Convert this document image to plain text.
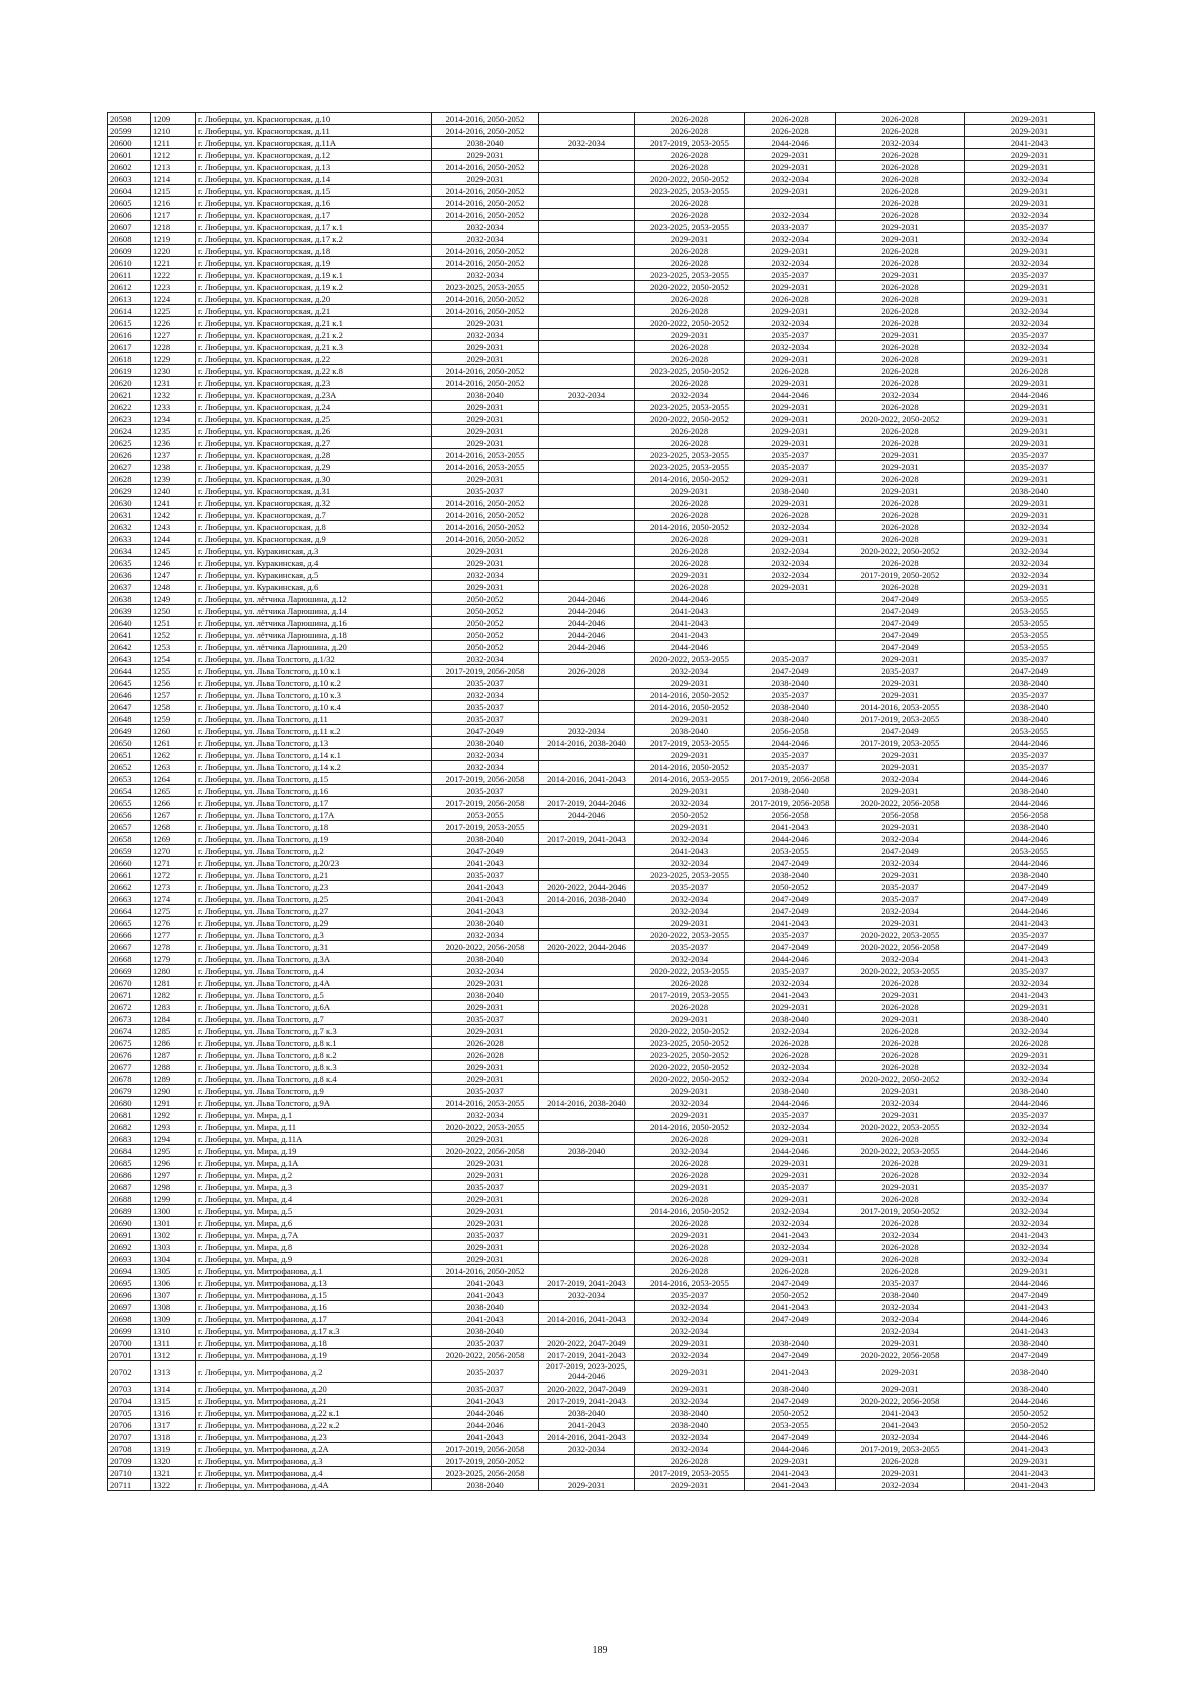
20598	1209	г. Люберцы, ул. Красногорская, д.10	2014-2016, 2050-2052		2026-2028	2026-2028	2026-2028	2029-2031
20599	1210	г. Люберцы, ул. Красногорская, д.11	2014-2016, 2050-2052		2026-2028	2026-2028	2026-2028	2029-2031
20600	1211	г. Люберцы, ул. Красногорская, д.11А	2038-2040	2032-2034	2017-2019, 2053-2055	2044-2046	2032-2034	2041-2043
20601	1212	г. Люберцы, ул. Красногорская, д.12	2029-2031		2026-2028	2029-2031	2026-2028	2029-2031
20602	1213	г. Люберцы, ул. Красногорская, д.13	2014-2016, 2050-2052		2026-2028	2029-2031	2026-2028	2029-2031
20603	1214	г. Люберцы, ул. Красногорская, д.14	2029-2031		2020-2022, 2050-2052	2032-2034	2026-2028	2032-2034
20604	1215	г. Люберцы, ул. Красногорская, д.15	2014-2016, 2050-2052		2023-2025, 2053-2055	2029-2031	2026-2028	2029-2031
20605	1216	г. Люберцы, ул. Красногорская, д.16	2014-2016, 2050-2052		2026-2028		2026-2028	2029-2031
20606	1217	г. Люберцы, ул. Красногорская, д.17	2014-2016, 2050-2052		2026-2028	2032-2034	2026-2028	2032-2034
20607	1218	г. Люберцы, ул. Красногорская, д.17 к.1	2032-2034		2023-2025, 2053-2055	2033-2037	2029-2031	2035-2037
20608	1219	г. Люберцы, ул. Красногорская, д.17 к.2	2032-2034		2029-2031	2032-2034	2029-2031	2032-2034
20609	1220	г. Люберцы, ул. Красногорская, д.18	2014-2016, 2050-2052		2026-2028	2029-2031	2026-2028	2029-2031
20610	1221	г. Люберцы, ул. Красногорская, д.19	2014-2016, 2050-2052		2026-2028	2032-2034	2026-2028	2032-2034
20611	1222	г. Люберцы, ул. Красногорская, д.19 к.1	2032-2034		2023-2025, 2053-2055	2035-2037	2029-2031	2035-2037
20612	1223	г. Люберцы, ул. Красногорская, д.19 к.2	2023-2025, 2053-2055		2020-2022, 2050-2052	2029-2031	2026-2028	2029-2031
20613	1224	г. Люберцы, ул. Красногорская, д.20	2014-2016, 2050-2052		2026-2028	2026-2028	2026-2028	2029-2031
20614	1225	г. Люберцы, ул. Красногорская, д.21	2014-2016, 2050-2052		2026-2028	2029-2031	2026-2028	2032-2034
20615	1226	г. Люберцы, ул. Красногорская, д.21 к.1	2029-2031		2020-2022, 2050-2052	2032-2034	2026-2028	2032-2034
20616	1227	г. Люберцы, ул. Красногорская, д.21 к.2	2032-2034		2029-2031	2035-2037	2029-2031	2035-2037
20617	1228	г. Люберцы, ул. Красногорская, д.21 к.3	2029-2031		2026-2028	2032-2034	2026-2028	2032-2034
20618	1229	г. Люберцы, ул. Красногорская, д.22	2029-2031		2026-2028	2029-2031	2026-2028	2029-2031
20619	1230	г. Люберцы, ул. Красногорская, д.22 к.8	2014-2016, 2050-2052		2023-2025, 2050-2052	2026-2028	2026-2028	2026-2028
20620	1231	г. Люберцы, ул. Красногорская, д.23	2014-2016, 2050-2052		2026-2028	2029-2031	2026-2028	2029-2031
20621	1232	г. Люберцы, ул. Красногорская, д.23А	2038-2040	2032-2034	2032-2034	2044-2046	2032-2034	2044-2046
20622	1233	г. Люберцы, ул. Красногорская, д.24	2029-2031		2023-2025, 2053-2055	2029-2031	2026-2028	2029-2031
20623	1234	г. Люберцы, ул. Красногорская, д.25	2029-2031		2020-2022, 2050-2052	2029-2031	2020-2022, 2050-2052	2029-2031
20624	1235	г. Люберцы, ул. Красногорская, д.26	2029-2031		2026-2028	2029-2031	2026-2028	2029-2031
20625	1236	г. Люберцы, ул. Красногорская, д.27	2029-2031		2026-2028	2029-2031	2026-2028	2029-2031
20626	1237	г. Люберцы, ул. Красногорская, д.28	2014-2016, 2053-2055		2023-2025, 2053-2055	2035-2037	2029-2031	2035-2037
20627	1238	г. Люберцы, ул. Красногорская, д.29	2014-2016, 2053-2055		2023-2025, 2053-2055	2035-2037	2029-2031	2035-2037
20628	1239	г. Люберцы, ул. Красногорская, д.30	2029-2031		2014-2016, 2050-2052	2029-2031	2026-2028	2029-2031
20629	1240	г. Люберцы, ул. Красногорская, д.31	2035-2037		2029-2031	2038-2040	2029-2031	2038-2040
20630	1241	г. Люберцы, ул. Красногорская, д.32	2014-2016, 2050-2052		2026-2028	2029-2031	2026-2028	2029-2031
20631	1242	г. Люберцы, ул. Красногорская, д.7	2014-2016, 2050-2052		2026-2028	2026-2028	2026-2028	2029-2031
20632	1243	г. Люберцы, ул. Красногорская, д.8	2014-2016, 2050-2052		2014-2016, 2050-2052	2032-2034	2026-2028	2032-2034
20633	1244	г. Люберцы, ул. Красногорская, д.9	2014-2016, 2050-2052		2026-2028	2029-2031	2026-2028	2029-2031
20634	1245	г. Люберцы, ул. Куракинская, д.3	2029-2031		2026-2028	2032-2034	2020-2022, 2050-2052	2032-2034
20635	1246	г. Люберцы, ул. Куракинская, д.4	2029-2031		2026-2028	2032-2034	2026-2028	2032-2034
20636	1247	г. Люберцы, ул. Куракинская, д.5	2032-2034		2029-2031	2032-2034	2017-2019, 2050-2052	2032-2034
20637	1248	г. Люберцы, ул. Куракинская, д.6	2029-2031		2026-2028	2029-2031	2026-2028	2029-2031
20638	1249	г. Люберцы, ул. лётчика Ларюшина, д.12	2050-2052	2044-2046	2044-2046		2047-2049	2053-2055
20639	1250	г. Люберцы, ул. лётчика Ларюшина, д.14	2050-2052	2044-2046	2041-2043		2047-2049	2053-2055
20640	1251	г. Люберцы, ул. лётчика Ларюшина, д.16	2050-2052	2044-2046	2041-2043		2047-2049	2053-2055
20641	1252	г. Люберцы, ул. лётчика Ларюшина, д.18	2050-2052	2044-2046	2041-2043		2047-2049	2053-2055
20642	1253	г. Люберцы, ул. лётчика Ларюшина, д.20	2050-2052	2044-2046	2044-2046		2047-2049	2053-2055
20643	1254	г. Люберцы, ул. Льва Толстого, д.1/32	2032-2034		2020-2022, 2053-2055	2035-2037	2029-2031	2035-2037
20644	1255	г. Люберцы, ул. Льва Толстого, д.10 к.1	2017-2019, 2056-2058	2026-2028	2032-2034	2047-2049	2035-2037	2047-2049
20645	1256	г. Люберцы, ул. Льва Толстого, д.10 к.2	2035-2037		2029-2031	2038-2040	2029-2031	2038-2040
20646	1257	г. Люберцы, ул. Льва Толстого, д.10 к.3	2032-2034		2014-2016, 2050-2052	2035-2037	2029-2031	2035-2037
20647	1258	г. Люберцы, ул. Льва Толстого, д.10 к.4	2035-2037		2014-2016, 2050-2052	2038-2040	2014-2016, 2053-2055	2038-2040
20648	1259	г. Люберцы, ул. Льва Толстого, д.11	2035-2037		2029-2031	2038-2040	2017-2019, 2053-2055	2038-2040
20649	1260	г. Люберцы, ул. Льва Толстого, д.11 к.2	2047-2049	2032-2034	2038-2040	2056-2058	2047-2049	2053-2055
20650	1261	г. Люберцы, ул. Льва Толстого, д.13	2038-2040	2014-2016, 2038-2040	2017-2019, 2053-2055	2044-2046	2017-2019, 2053-2055	2044-2046
20651	1262	г. Люберцы, ул. Льва Толстого, д.14 к.1	2032-2034		2029-2031	2035-2037	2029-2031	2035-2037
20652	1263	г. Люберцы, ул. Льва Толстого, д.14 к.2	2032-2034		2014-2016, 2050-2052	2035-2037	2029-2031	2035-2037
20653	1264	г. Люберцы, ул. Льва Толстого, д.15	2017-2019, 2056-2058	2014-2016, 2041-2043	2014-2016, 2053-2055	2017-2019, 2056-2058	2032-2034	2044-2046
20654	1265	г. Люберцы, ул. Льва Толстого, д.16	2035-2037		2029-2031	2038-2040	2029-2031	2038-2040
20655	1266	г. Люберцы, ул. Льва Толстого, д.17	2017-2019, 2056-2058	2017-2019, 2044-2046	2032-2034	2017-2019, 2056-2058	2020-2022, 2056-2058	2044-2046
20656	1267	г. Люберцы, ул. Льва Толстого, д.17А	2053-2055	2044-2046	2050-2052	2056-2058	2056-2058	2056-2058
20657	1268	г. Люберцы, ул. Льва Толстого, д.18	2017-2019, 2053-2055		2029-2031	2041-2043	2029-2031	2038-2040
20658	1269	г. Люберцы, ул. Льва Толстого, д.19	2038-2040	2017-2019, 2041-2043	2032-2034	2044-2046	2032-2034	2044-2046
20659	1270	г. Люберцы, ул. Льва Толстого, д.2	2047-2049		2041-2043	2053-2055	2047-2049	2053-2055
20660	1271	г. Люберцы, ул. Льва Толстого, д.20/23	2041-2043		2032-2034	2047-2049	2032-2034	2044-2046
20661	1272	г. Люберцы, ул. Льва Толстого, д.21	2035-2037		2023-2025, 2053-2055	2038-2040	2029-2031	2038-2040
20662	1273	г. Люберцы, ул. Льва Толстого, д.23	2041-2043	2020-2022, 2044-2046	2035-2037	2050-2052	2035-2037	2047-2049
20663	1274	г. Люберцы, ул. Льва Толстого, д.25	2041-2043	2014-2016, 2038-2040	2032-2034	2047-2049	2035-2037	2047-2049
20664	1275	г. Люберцы, ул. Льва Толстого, д.27	2041-2043		2032-2034	2047-2049	2032-2034	2044-2046
20665	1276	г. Люберцы, ул. Льва Толстого, д.29	2038-2040		2029-2031	2041-2043	2029-2031	2041-2043
20666	1277	г. Люберцы, ул. Льва Толстого, д.3	2032-2034		2020-2022, 2053-2055	2035-2037	2020-2022, 2053-2055	2035-2037
20667	1278	г. Люберцы, ул. Льва Толстого, д.31	2020-2022, 2056-2058	2020-2022, 2044-2046	2035-2037	2047-2049	2020-2022, 2056-2058	2047-2049
20668	1279	г. Люберцы, ул. Льва Толстого, д.3А	2038-2040		2032-2034	2044-2046	2032-2034	2041-2043
20669	1280	г. Люберцы, ул. Льва Толстого, д.4	2032-2034		2020-2022, 2053-2055	2035-2037	2020-2022, 2053-2055	2035-2037
20670	1281	г. Люберцы, ул. Льва Толстого, д.4А	2029-2031		2026-2028	2032-2034	2026-2028	2032-2034
20671	1282	г. Люберцы, ул. Льва Толстого, д.5	2038-2040		2017-2019, 2053-2055	2041-2043	2029-2031	2041-2043
20672	1283	г. Люберцы, ул. Льва Толстого, д.6А	2029-2031		2026-2028	2029-2031	2026-2028	2029-2031
20673	1284	г. Люберцы, ул. Льва Толстого, д.7	2035-2037		2029-2031	2038-2040	2029-2031	2038-2040
20674	1285	г. Люберцы, ул. Льва Толстого, д.7 к.3	2029-2031		2020-2022, 2050-2052	2032-2034	2026-2028	2032-2034
20675	1286	г. Люберцы, ул. Льва Толстого, д.8 к.1	2026-2028		2023-2025, 2050-2052	2026-2028	2026-2028	2026-2028
20676	1287	г. Люберцы, ул. Льва Толстого, д.8 к.2	2026-2028		2023-2025, 2050-2052	2026-2028	2026-2028	2029-2031
20677	1288	г. Люберцы, ул. Льва Толстого, д.8 к.3	2029-2031		2020-2022, 2050-2052	2032-2034	2026-2028	2032-2034
20678	1289	г. Люберцы, ул. Льва Толстого, д.8 к.4	2029-2031		2020-2022, 2050-2052	2032-2034	2020-2022, 2050-2052	2032-2034
20679	1290	г. Люберцы, ул. Льва Толстого, д.9	2035-2037		2029-2031	2038-2040	2029-2031	2038-2040
20680	1291	г. Люберцы, ул. Льва Толстого, д.9А	2014-2016, 2053-2055	2014-2016, 2038-2040	2032-2034	2044-2046	2032-2034	2044-2046
20681	1292	г. Люберцы, ул. Мира, д.1	2032-2034		2029-2031	2035-2037	2029-2031	2035-2037
20682	1293	г. Люберцы, ул. Мира, д.11	2020-2022, 2053-2055		2014-2016, 2050-2052	2032-2034	2020-2022, 2053-2055	2032-2034
20683	1294	г. Люберцы, ул. Мира, д.11А	2029-2031		2026-2028	2029-2031	2026-2028	2032-2034
20684	1295	г. Люберцы, ул. Мира, д.19	2020-2022, 2056-2058	2038-2040	2032-2034	2044-2046	2020-2022, 2053-2055	2044-2046
20685	1296	г. Люберцы, ул. Мира, д.1А	2029-2031		2026-2028	2029-2031	2026-2028	2029-2031
20686	1297	г. Люберцы, ул. Мира, д.2	2029-2031		2026-2028	2029-2031	2026-2028	2032-2034
20687	1298	г. Люберцы, ул. Мира, д.3	2035-2037		2029-2031	2035-2037	2029-2031	2035-2037
20688	1299	г. Люберцы, ул. Мира, д.4	2029-2031		2026-2028	2029-2031	2026-2028	2032-2034
20689	1300	г. Люберцы, ул. Мира, д.5	2029-2031		2014-2016, 2050-2052	2032-2034	2017-2019, 2050-2052	2032-2034
20690	1301	г. Люберцы, ул. Мира, д.6	2029-2031		2026-2028	2032-2034	2026-2028	2032-2034
20691	1302	г. Люберцы, ул. Мира, д.7А	2035-2037		2029-2031	2041-2043	2032-2034	2041-2043
20692	1303	г. Люберцы, ул. Мира, д.8	2029-2031		2026-2028	2032-2034	2026-2028	2032-2034
20693	1304	г. Люберцы, ул. Мира, д.9	2029-2031		2026-2028	2029-2031	2026-2028	2032-2034
20694	1305	г. Люберцы, ул. Митрофанова, д.1	2014-2016, 2050-2052		2026-2028	2026-2028	2026-2028	2029-2031
20695	1306	г. Люберцы, ул. Митрофанова, д.13	2041-2043	2017-2019, 2041-2043	2014-2016, 2053-2055	2047-2049	2035-2037	2044-2046
20696	1307	г. Люберцы, ул. Митрофанова, д.15	2041-2043	2032-2034	2035-2037	2050-2052	2038-2040	2047-2049
20697	1308	г. Люберцы, ул. Митрофанова, д.16	2038-2040		2032-2034	2041-2043	2032-2034	2041-2043
20698	1309	г. Люберцы, ул. Митрофанова, д.17	2041-2043	2014-2016, 2041-2043	2032-2034	2047-2049	2032-2034	2044-2046
20699	1310	г. Люберцы, ул. Митрофанова, д.17 к.3	2038-2040		2032-2034		2032-2034	2041-2043
20700	1311	г. Люберцы, ул. Митрофанова, д.18	2035-2037	2020-2022, 2047-2049	2029-2031	2038-2040	2029-2031	2038-2040
20701	1312	г. Люберцы, ул. Митрофанова, д.19	2020-2022, 2056-2058	2017-2019, 2041-2043	2032-2034	2047-2049	2020-2022, 2056-2058	2047-2049
20702	1313	г. Люберцы, ул. Митрофанова, д.2	2035-2037	2017-2019, 2023-2025, 2044-2046	2029-2031	2041-2043	2029-2031	2038-2040
20703	1314	г. Люберцы, ул. Митрофанова, д.20	2035-2037	2020-2022, 2047-2049	2029-2031	2038-2040	2029-2031	2038-2040
20704	1315	г. Люберцы, ул. Митрофанова, д.21	2041-2043	2017-2019, 2041-2043	2032-2034	2047-2049	2020-2022, 2056-2058	2044-2046
20705	1316	г. Люберцы, ул. Митрофанова, д.22 к.1	2044-2046	2038-2040	2038-2040	2050-2052	2041-2043	2050-2052
20706	1317	г. Люберцы, ул. Митрофанова, д.22 к.2	2044-2046	2041-2043	2038-2040	2053-2055	2041-2043	2050-2052
20707	1318	г. Люберцы, ул. Митрофанова, д.23	2041-2043	2014-2016, 2041-2043	2032-2034	2047-2049	2032-2034	2044-2046
20708	1319	г. Люберцы, ул. Митрофанова, д.2А	2017-2019, 2056-2058	2032-2034	2032-2034	2044-2046	2017-2019, 2053-2055	2041-2043
20709	1320	г. Люберцы, ул. Митрофанова, д.3	2017-2019, 2050-2052		2026-2028	2029-2031	2026-2028	2029-2031
20710	1321	г. Люберцы, ул. Митрофанова, д.4	2023-2025, 2056-2058		2017-2019, 2053-2055	2041-2043	2029-2031	2041-2043
20711	1322	г. Люберцы, ул. Митрофанова, д.4А	2038-2040	2029-2031	2029-2031	2041-2043	2032-2034	2041-2043
189
